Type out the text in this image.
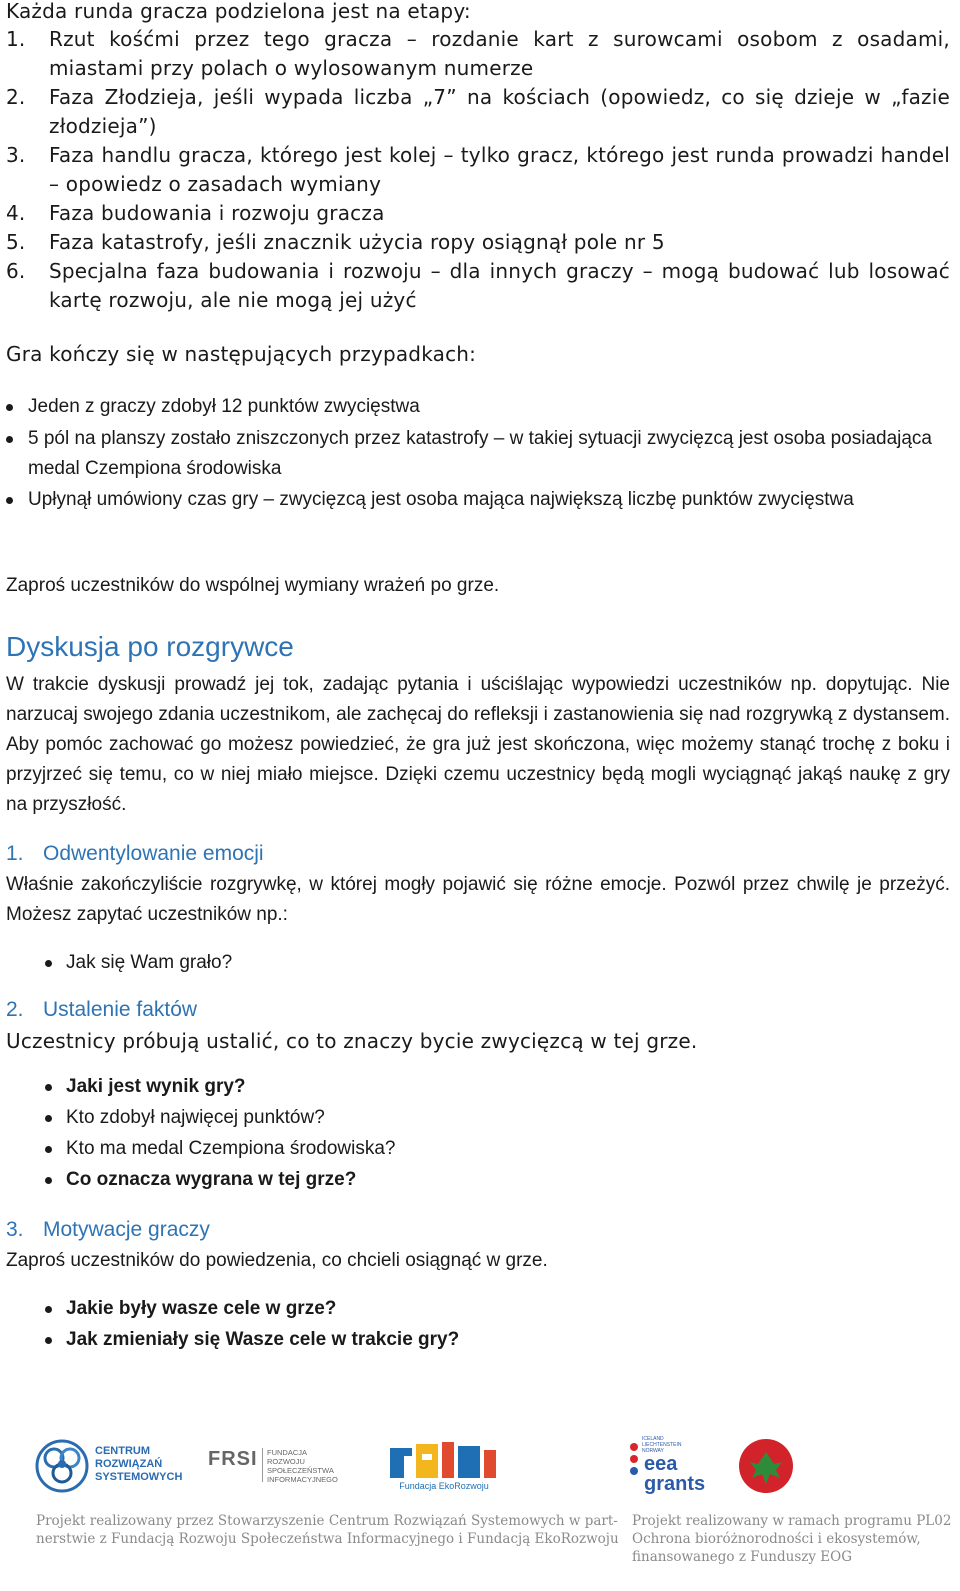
Każda runda gracza podzielona jest na etapy:

1.	Rzut kośćmi przez tego gracza – rozdanie kart z surowcami osobom z osadami, miastami przy polach o wylosowanym numerze
2.	Faza Złodzieja, jeśli wypada liczba „7” na kościach (opowiedz, co się dzieje w „fazie złodzieja”)
3.	Faza handlu gracza, którego jest kolej – tylko gracz, którego jest runda prowadzi handel – opowiedz o zasadach wymiany
4.	Faza budowania i rozwoju gracza
5.	Faza katastrofy, jeśli znacznik użycia ropy osiągnął pole nr 5
6.	Specjalna faza budowania i rozwoju – dla innych graczy – mogą budować lub losować kartę rozwoju, ale nie mogą jej użyć
Gra kończy się w następujących przypadkach:
Jeden z graczy zdobył 12 punktów zwycięstwa
5 pól na planszy zostało zniszczonych przez katastrofy – w takiej sytuacji zwycięzcą jest osoba posiadająca medal Czempiona środowiska
Upłynął umówiony czas gry – zwycięzcą jest osoba mająca największą liczbę punktów zwycięstwa
Zaproś uczestników do wspólnej wymiany wrażeń po grze.
Dyskusja po rozgrywce
W trakcie dyskusji prowadź jej tok, zadając pytania i uściślając wypowiedzi uczestników np. dopytując. Nie narzucaj swojego zdania uczestnikom, ale zachęcaj do refleksji i zastanowienia się nad rozgrywką z dystansem. Aby pomóc zachować go możesz powiedzieć, że gra już jest skończona, więc możemy stanąć trochę z boku i przyjrzeć się temu, co w niej miało miejsce. Dzięki czemu uczestnicy będą mogli wyciągnąć jakąś naukę z gry na przyszłość.
1. Odwentylowanie emocji
Właśnie zakończyliście rozgrywkę, w której mogły pojawić się różne emocje. Pozwól przez chwilę je przeżyć. Możesz zapytać uczestników np.:
Jak się Wam grało?
2. Ustalenie faktów
Uczestnicy próbują ustalić, co to znaczy bycie zwycięzcą w tej grze.
Jaki jest wynik gry?
Kto zdobył najwięcej punktów?
Kto ma medal Czempiona środowiska?
Co oznacza wygrana w tej grze?
3. Motywacje graczy
Zaproś uczestników do powiedzenia, co chcieli osiągnąć w grze.
Jakie były wasze cele w grze?
Jak zmieniały się Wasze cele w trakcie gry?
CENTRUM
ROZWIĄZAŃ
SYSTEMOWYCH
FRSI FUNDACJA
ROZWOJU
SPOŁECZEŃSTWA
INFORMACYJNEGO
Fundacja EkoRozwoju
ICELAND
LIECHTENSTEIN
NORWAY
eea
grants
Projekt realizowany przez Stowarzyszenie Centrum Rozwiązań Systemowych w part-
nerstwie z Fundacją Rozwoju Społeczeństwa Informacyjnego i Fundacją EkoRozwoju
Projekt realizowany w ramach programu PL02
Ochrona bioróżnorodności i ekosystemów,
finansowanego z Funduszy EOG
